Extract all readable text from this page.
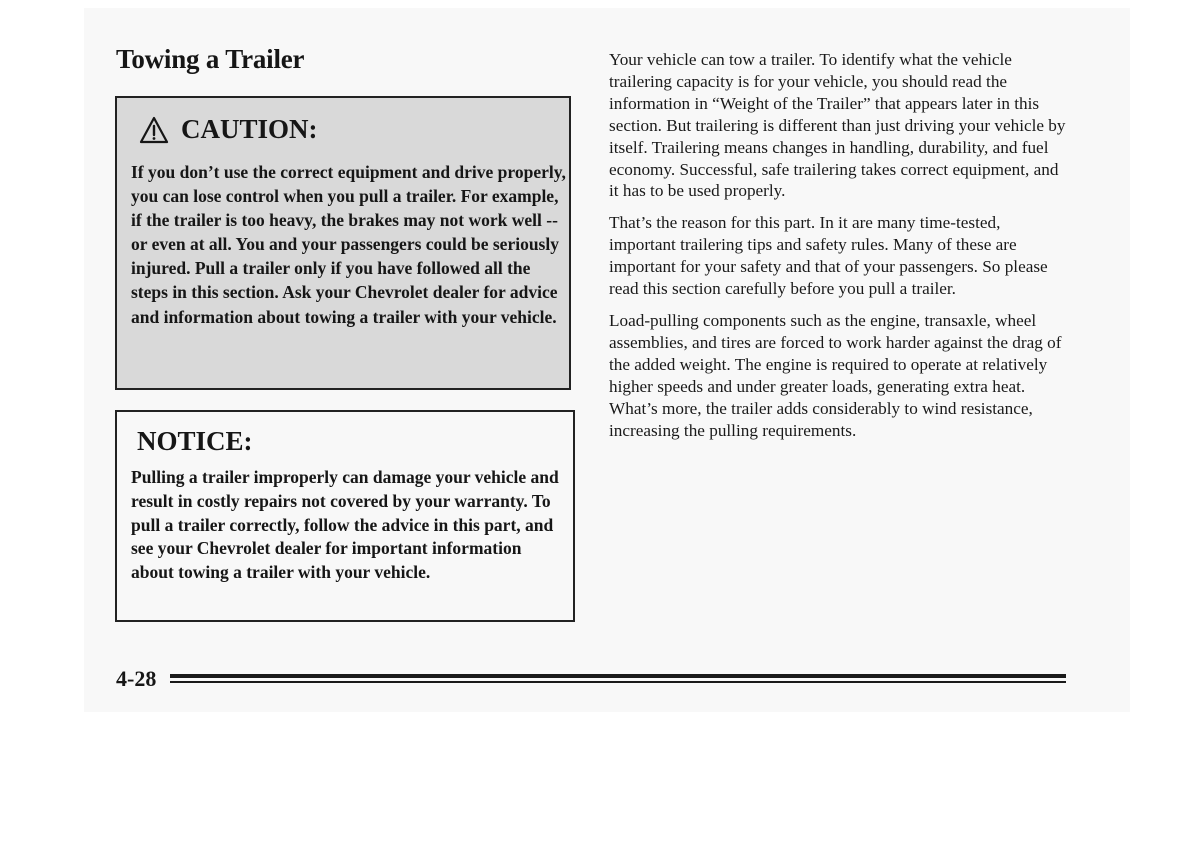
Towing a Trailer
CAUTION:

If you don’t use the correct equipment and drive properly, you can lose control when you pull a trailer. For example, if the trailer is too heavy, the brakes may not work well -- or even at all. You and your passengers could be seriously injured. Pull a trailer only if you have followed all the steps in this section. Ask your Chevrolet dealer for advice and information about towing a trailer with your vehicle.

NOTICE:

Pulling a trailer improperly can damage your vehicle and result in costly repairs not covered by your warranty. To pull a trailer correctly, follow the advice in this part, and see your Chevrolet dealer for important information about towing a trailer with your vehicle.

Your vehicle can tow a trailer. To identify what the vehicle trailering capacity is for your vehicle, you should read the information in “Weight of the Trailer” that appears later in this section. But trailering is different than just driving your vehicle by itself. Trailering means changes in handling, durability, and fuel economy. Successful, safe trailering takes correct equipment, and it has to be used properly.

That’s the reason for this part. In it are many time-tested, important trailering tips and safety rules. Many of these are important for your safety and that of your passengers. So please read this section carefully before you pull a trailer.

Load-pulling components such as the engine, transaxle, wheel assemblies, and tires are forced to work harder against the drag of the added weight. The engine is required to operate at relatively higher speeds and under greater loads, generating extra heat. What’s more, the trailer adds considerably to wind resistance, increasing the pulling requirements.

4-28
